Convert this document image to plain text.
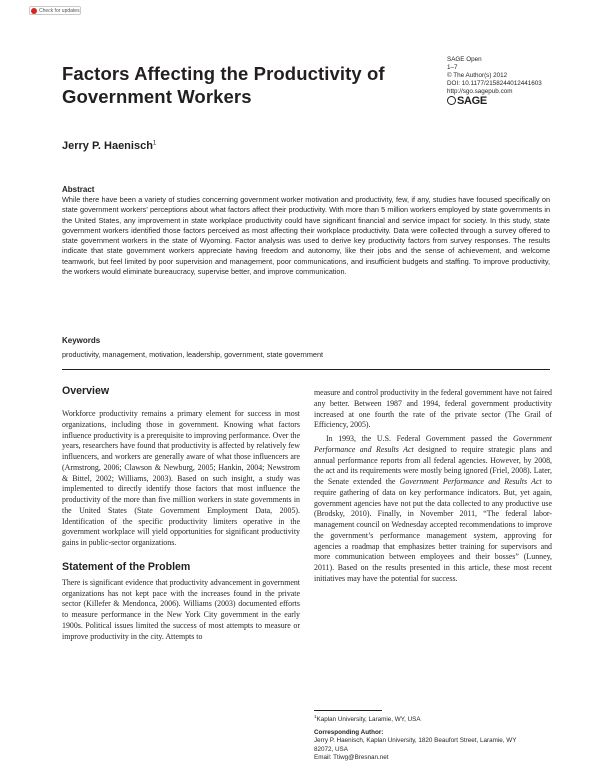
Check for updates
Factors Affecting the Productivity of Government Workers
SAGE Open
1–7
© The Author(s) 2012
DOI: 10.1177/2158244012441603
http://sgo.sagepub.com
SAGE
Jerry P. Haenisch$^1$
Abstract
While there have been a variety of studies concerning government worker motivation and productivity, few, if any, studies have focused specifically on state government workers' perceptions about what factors affect their productivity. With more than 5 million workers employed by state governments in the United States, any improvement in state workplace productivity could have significant financial and service impact for society. In this study, state government workers identified those factors perceived as most affecting their workplace productivity. Data were collected through a survey offered to state government workers in the state of Wyoming. Factor analysis was used to derive key productivity factors from survey responses. The results indicate that state government workers appreciate having freedom and autonomy, like their jobs and the sense of achievement, and welcome teamwork, but feel limited by poor supervision and management, poor communications, and insufficient budgets and staffing. To improve productivity, the workers would eliminate bureaucracy, supervise better, and improve communication.
Keywords
productivity, management, motivation, leadership, government, state government
Overview

Workforce productivity remains a primary element for success in most organizations, including those in government. Knowing what factors influence productivity is a prerequisite to improving performance. Over the years, researchers have found that productivity is affected by relatively few influencers, and workers are generally aware of what those influencers are (Armstrong, 2006; Clawson & Newburg, 2005; Hankin, 2004; Newstrom & Bittel, 2002; Williams, 2003). Based on such insight, a study was implemented to directly identify those factors that most influence the productivity of the more than five million workers in state governments in the United States (State Government Employment Data, 2005). Identification of the specific productivity limiters operative in the government workplace will yield opportunities for significant productivity gains in public-sector organizations.

Statement of the Problem

There is significant evidence that productivity advancement in government organizations has not kept pace with the increases found in the private sector (Killefer & Mendonca, 2006). Williams (2003) documented efforts to measure performance in the New York City government in the early 1900s. Political issues limited the success of most attempts to measure or improve productivity in the city. Attempts to

measure and control productivity in the federal government have not faired any better. Between 1987 and 1994, federal government productivity increased at one fourth the rate of the private sector (The Grail of Efficiency, 2005).

In 1993, the U.S. Federal Government passed the Government Performance and Results Act designed to require strategic plans and annual performance reports from all federal agencies. However, by 2008, the act and its requirements were mostly being ignored (Friel, 2008). Later, the Senate extended the Government Performance and Results Act to require gathering of data on key performance indicators. But, yet again, government agencies have not put the data collected to any productive use (Brodsky, 2010). Finally, in November 2011, “The federal labor-management council on Wednesday accepted recommendations to improve the government’s performance management system, approving for agencies a roadmap that emphasizes better training for supervisors and more communication between employees and their bosses” (Lunney, 2011). Based on the results presented in this article, these most recent initiatives may have the potential for success.

$^1$Kaplan University, Laramie, WY, USA
Corresponding Author:
Jerry P. Haenisch, Kaplan University, 1820 Beaufort Street, Laramie, WY
82072, USA
Email: Ttiwg@Bresnan.net
